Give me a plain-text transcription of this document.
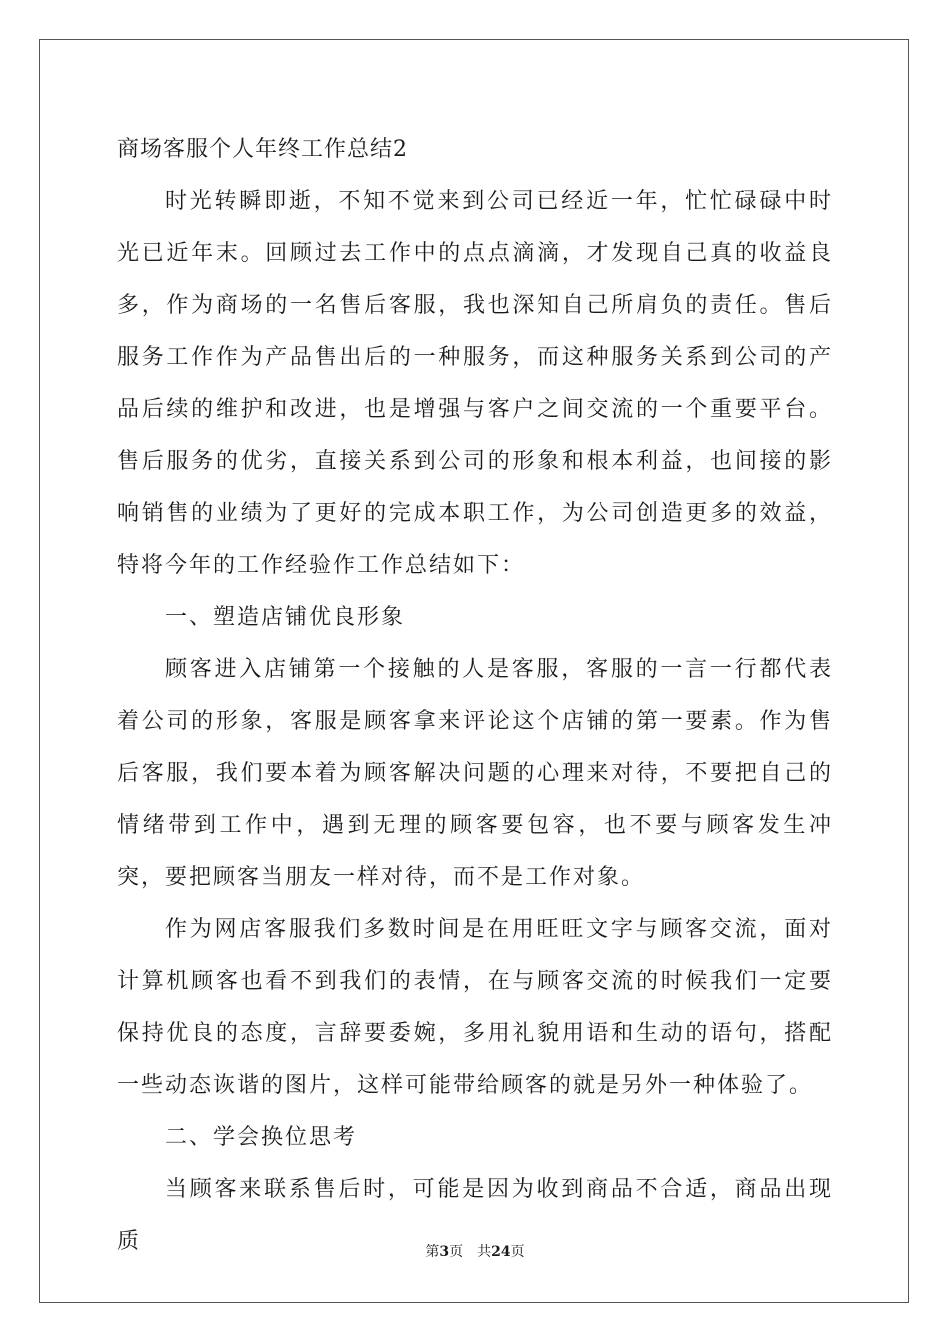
商场客服个人年终工作总结2

时光转瞬即逝，不知不觉来到公司已经近一年，忙忙碌碌中时光已近年末。回顾过去工作中的点点滴滴，才发现自己真的收益良多，作为商场的一名售后客服，我也深知自己所肩负的责任。售后服务工作作为产品售出后的一种服务，而这种服务关系到公司的产品后续的维护和改进，也是增强与客户之间交流的一个重要平台。售后服务的优劣，直接关系到公司的形象和根本利益，也间接的影响销售的业绩为了更好的完成本职工作，为公司创造更多的效益，特将今年的工作经验作工作总结如下：

一、塑造店铺优良形象

顾客进入店铺第一个接触的人是客服，客服的一言一行都代表着公司的形象，客服是顾客拿来评论这个店铺的第一要素。作为售后客服，我们要本着为顾客解决问题的心理来对待，不要把自己的情绪带到工作中，遇到无理的顾客要包容，也不要与顾客发生冲突，要把顾客当朋友一样对待，而不是工作对象。

作为网店客服我们多数时间是在用旺旺文字与顾客交流，面对计算机顾客也看不到我们的表情，在与顾客交流的时候我们一定要保持优良的态度，言辞要委婉，多用礼貌用语和生动的语句，搭配一些动态诙谐的图片，这样可能带给顾客的就是另外一种体验了。

二、学会换位思考

当顾客来联系售后时，可能是因为收到商品不合适，商品出现质	第3页 共24页
